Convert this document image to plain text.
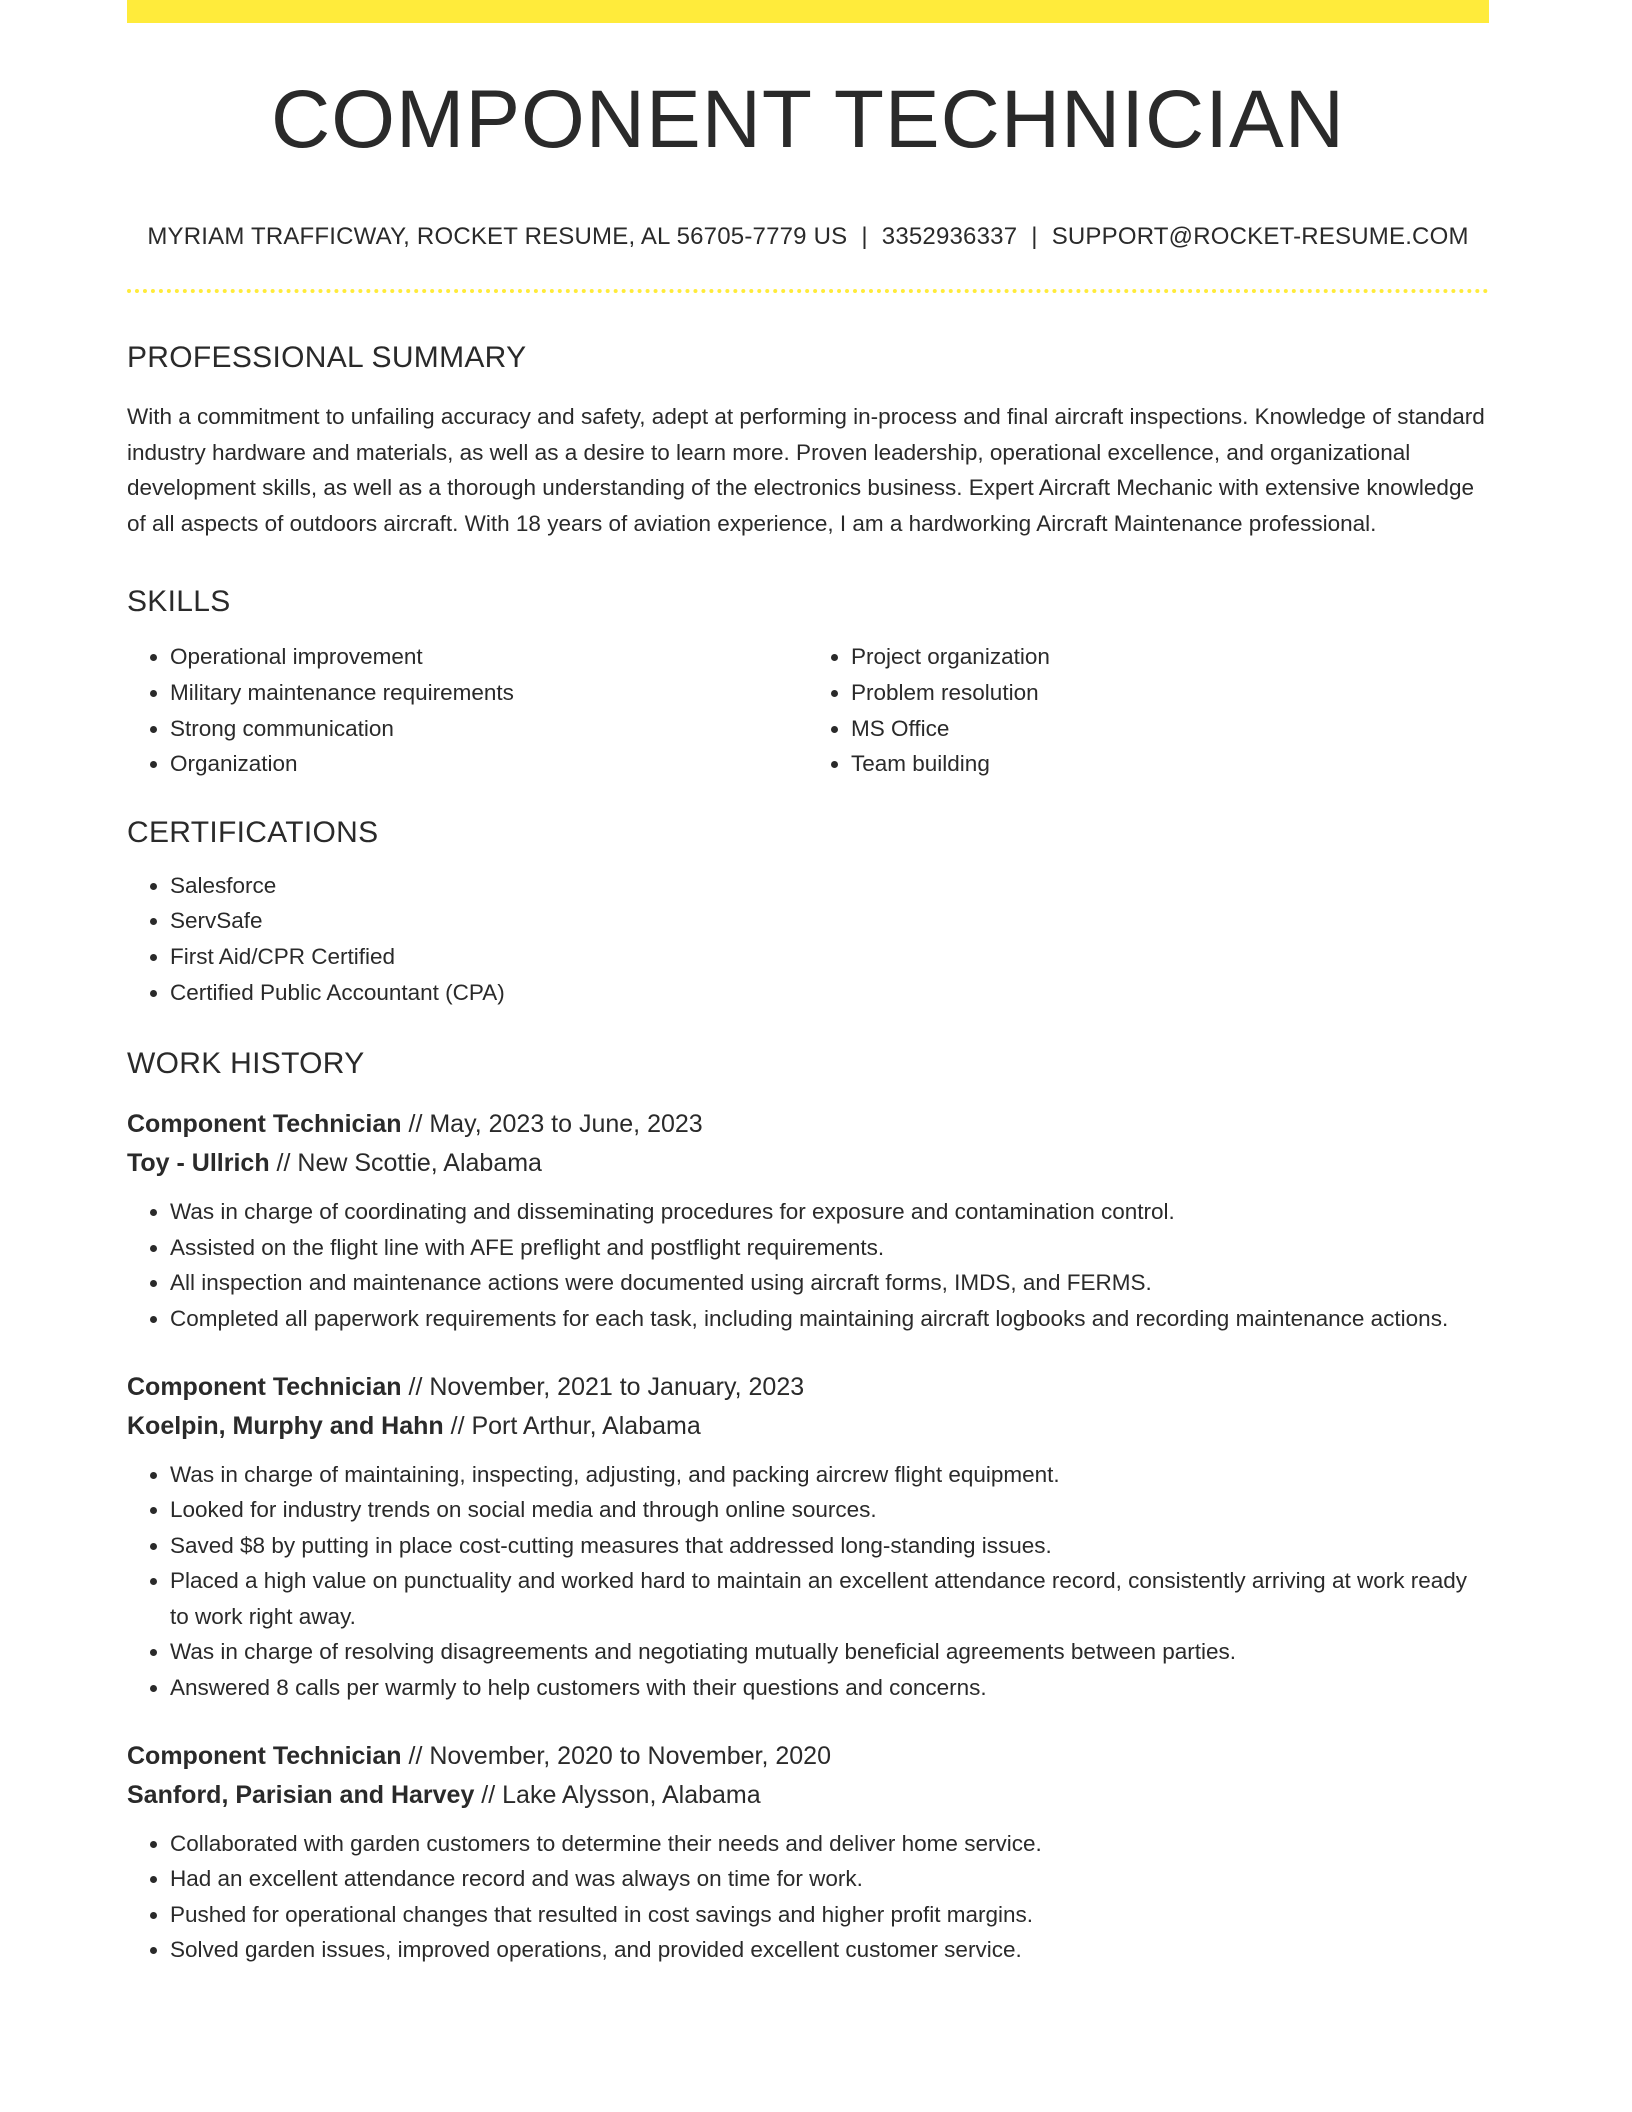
COMPONENT TECHNICIAN
MYRIAM TRAFFICWAY, ROCKET RESUME, AL 56705-7779 US | 3352936337 | SUPPORT@ROCKET-RESUME.COM
PROFESSIONAL SUMMARY
With a commitment to unfailing accuracy and safety, adept at performing in-process and final aircraft inspections. Knowledge of standard industry hardware and materials, as well as a desire to learn more. Proven leadership, operational excellence, and organizational development skills, as well as a thorough understanding of the electronics business. Expert Aircraft Mechanic with extensive knowledge of all aspects of outdoors aircraft. With 18 years of aviation experience, I am a hardworking Aircraft Maintenance professional.
SKILLS
• Operational improvement
• Military maintenance requirements
• Strong communication
• Organization
• Project organization
• Problem resolution
• MS Office
• Team building
CERTIFICATIONS
• Salesforce
• ServSafe
• First Aid/CPR Certified
• Certified Public Accountant (CPA)
WORK HISTORY
Component Technician // May, 2023 to June, 2023
Toy - Ullrich // New Scottie, Alabama
• Was in charge of coordinating and disseminating procedures for exposure and contamination control.
• Assisted on the flight line with AFE preflight and postflight requirements.
• All inspection and maintenance actions were documented using aircraft forms, IMDS, and FERMS.
• Completed all paperwork requirements for each task, including maintaining aircraft logbooks and recording maintenance actions.
Component Technician // November, 2021 to January, 2023
Koelpin, Murphy and Hahn // Port Arthur, Alabama
• Was in charge of maintaining, inspecting, adjusting, and packing aircrew flight equipment.
• Looked for industry trends on social media and through online sources.
• Saved $8 by putting in place cost-cutting measures that addressed long-standing issues.
• Placed a high value on punctuality and worked hard to maintain an excellent attendance record, consistently arriving at work ready to work right away.
• Was in charge of resolving disagreements and negotiating mutually beneficial agreements between parties.
• Answered 8 calls per warmly to help customers with their questions and concerns.
Component Technician // November, 2020 to November, 2020
Sanford, Parisian and Harvey // Lake Alysson, Alabama
• Collaborated with garden customers to determine their needs and deliver home service.
• Had an excellent attendance record and was always on time for work.
• Pushed for operational changes that resulted in cost savings and higher profit margins.
• Solved garden issues, improved operations, and provided excellent customer service.
